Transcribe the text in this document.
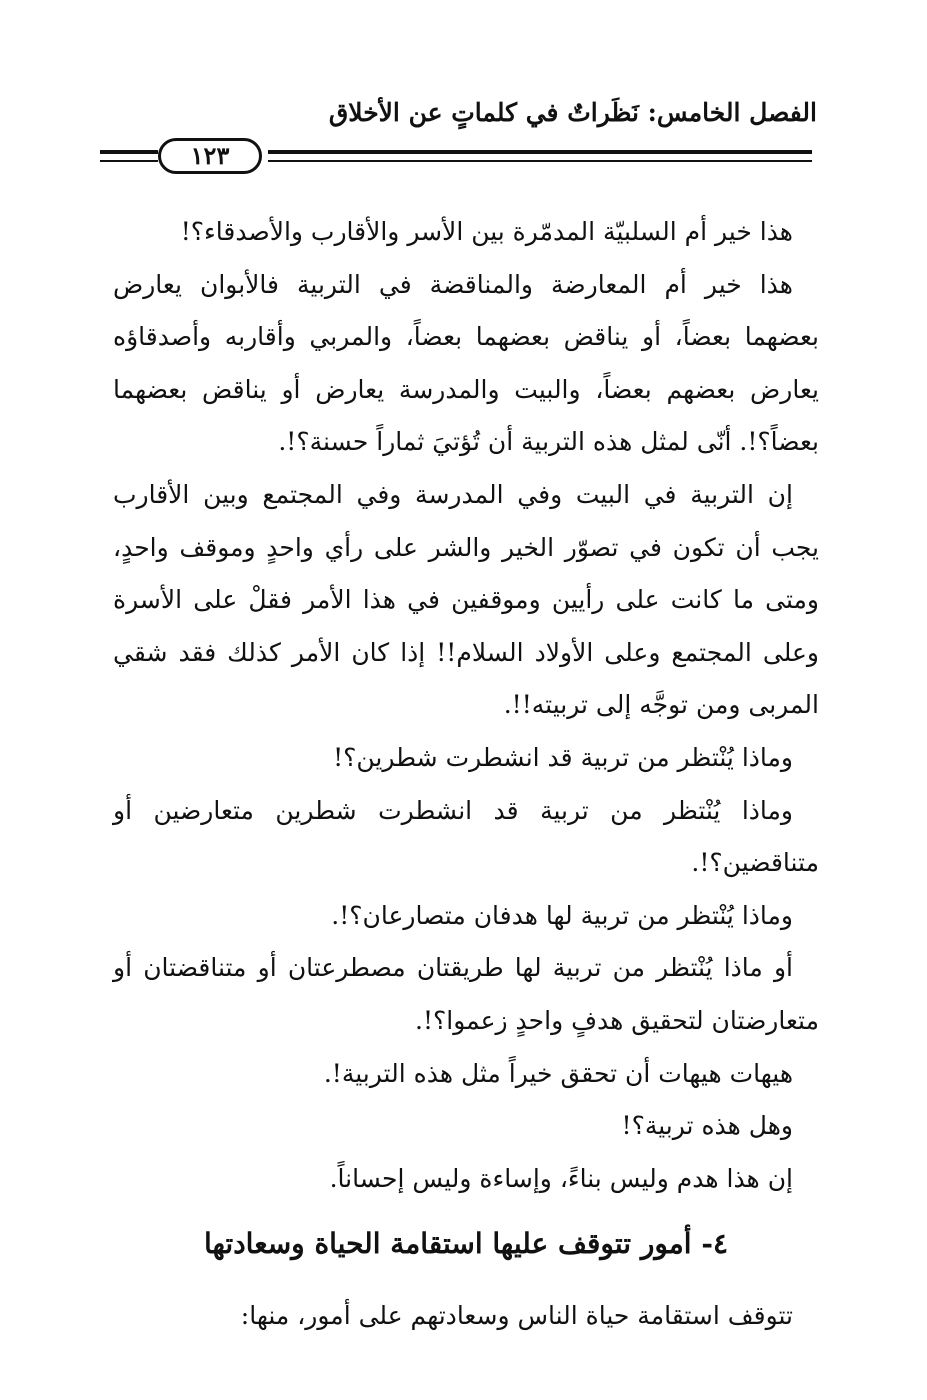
الفصل الخامس: نَظَراتٌ في كلماتٍ عن الأخلاق
١٢٣

هذا خير أم السلبيّة المدمّرة بين الأسر والأقارب والأصدقاء؟!

هذا خير أم المعارضة والمناقضة في التربية فالأبوان يعارض بعضهما بعضاً، أو يناقض بعضهما بعضاً، والمربي وأقاربه وأصدقاؤه يعارض بعضهم بعضاً، والبيت والمدرسة يعارض أو يناقض بعضهما بعضاً؟!. أنّى لمثل هذه التربية أن تُؤتيَ ثماراً حسنة؟!.

إن التربية في البيت وفي المدرسة وفي المجتمع وبين الأقارب يجب أن تكون في تصوّر الخير والشر على رأي واحدٍ وموقف واحدٍ، ومتى ما كانت على رأيين وموقفين في هذا الأمر فقلْ على الأسرة وعلى المجتمع وعلى الأولاد السلام!! إذا كان الأمر كذلك فقد شقي المربى ومن توجَّه إلى تربيته!!.

وماذا يُنْتظر من تربية قد انشطرت شطرين؟!

وماذا يُنْتظر من تربية قد انشطرت شطرين متعارضين أو متناقضين؟!.

وماذا يُنْتظر من تربية لها هدفان متصارعان؟!.

أو ماذا يُنْتظر من تربية لها طريقتان مصطرعتان أو متناقضتان أو متعارضتان لتحقيق هدفٍ واحدٍ زعموا؟!.

هيهات هيهات أن تحقق خيراً مثل هذه التربية!.

وهل هذه تربية؟!

إن هذا هدم وليس بناءً، وإساءة وليس إحساناً.

٤- أمور تتوقف عليها استقامة الحياة وسعادتها
تتوقف استقامة حياة الناس وسعادتهم على أمور، منها:
